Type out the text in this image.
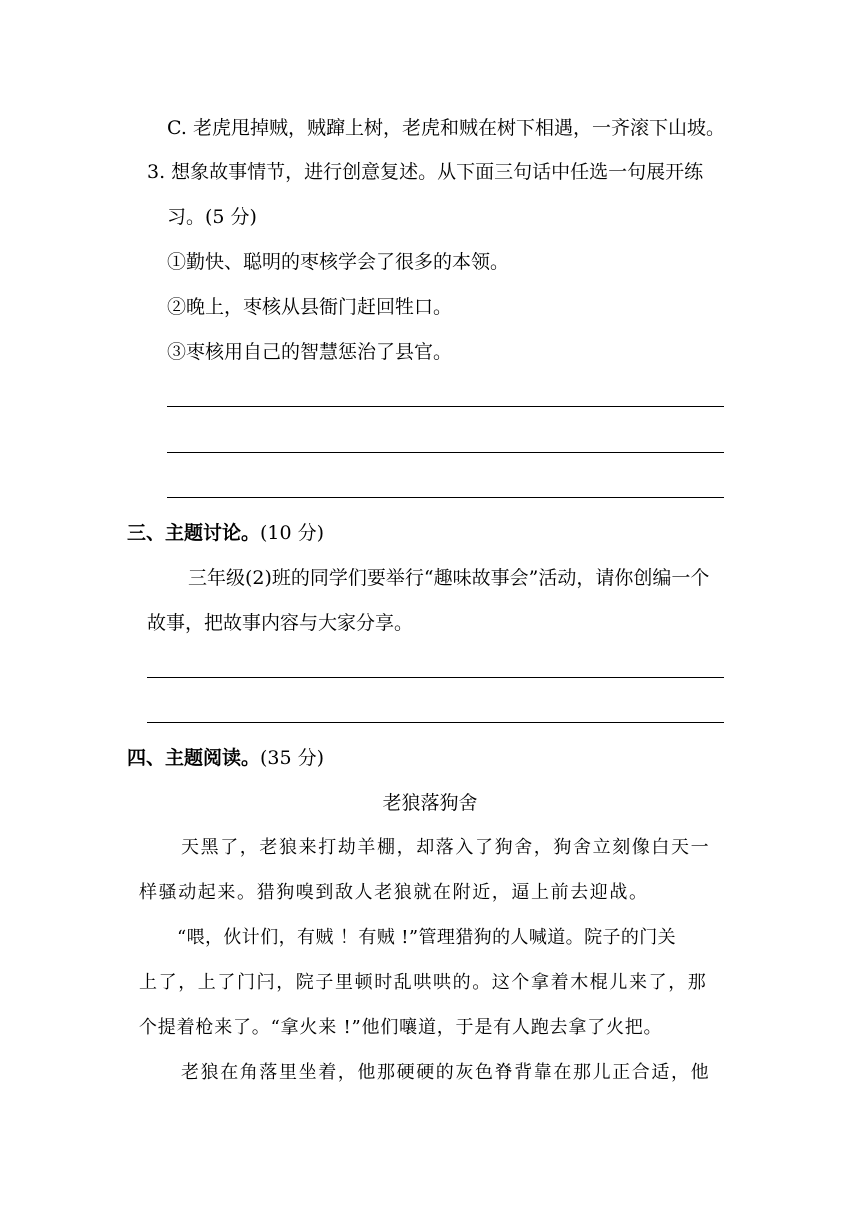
C. 老虎甩掉贼，贼蹿上树，老虎和贼在树下相遇，一齐滚下山坡。
3. 想象故事情节，进行创意复述。从下面三句话中任选一句展开练
习。(5 分)
①勤快、聪明的枣核学会了很多的本领。
②晚上，枣核从县衙门赶回牲口。
③枣核用自己的智慧惩治了县官。
三、主题讨论。(10 分)
三年级(2)班的同学们要举行“趣味故事会”活动，请你创编一个
故事，把故事内容与大家分享。
四、主题阅读。(35 分)
老狼落狗舍
天黑了，老狼来打劫羊棚，却落入了狗舍，狗舍立刻像白天一
样骚动起来。猎狗嗅到敌人老狼就在附近，逼上前去迎战。
“喂，伙计们，有贼 ！有贼 !”管理猎狗的人喊道。院子的门关
上了，上了门闩，院子里顿时乱哄哄的。这个拿着木棍儿来了，那
个提着枪来了。“拿火来 !”他们嚷道，于是有人跑去拿了火把。
老狼在角落里坐着，他那硬硬的灰色脊背靠在那儿正合适，他
